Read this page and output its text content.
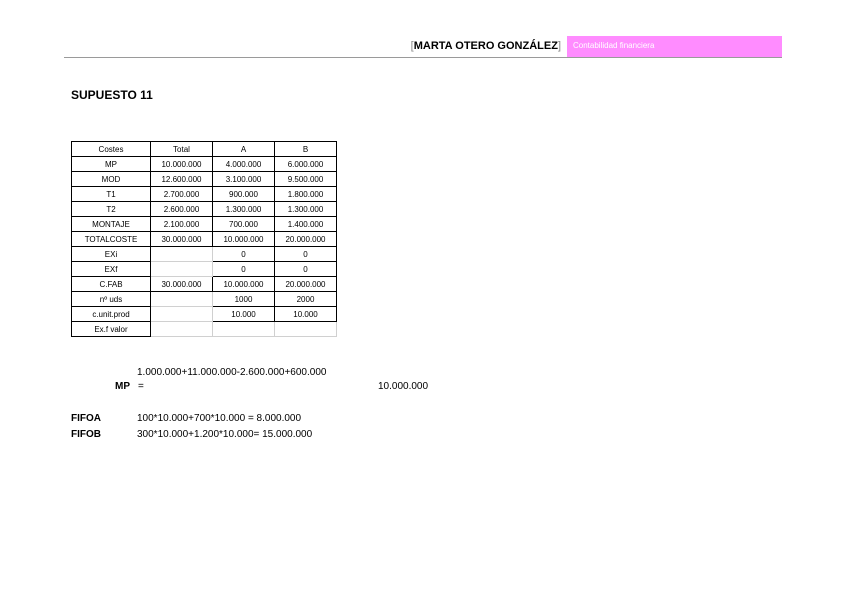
[MARTA OTERO GONZÁLEZ] Contabilidad financiera
SUPUESTO 11
Costes	Total	A	B
MP	10.000.000	4.000.000	6.000.000
MOD	12.600.000	3.100.000	9.500.000
T1	2.700.000	900.000	1.800.000
T2	2.600.000	1.300.000	1.300.000
MONTAJE	2.100.000	700.000	1.400.000
TOTALCOSTE	30.000.000	10.000.000	20.000.000
EXi		0	0
EXf		0	0
C.FAB	30.000.000	10.000.000	20.000.000
nº uds		1000	2000
c.unit.prod		10.000	10.000
Ex.f valor			
1.000.000+11.000.000-2.600.000+600.000
MP =	10.000.000
FIFOA	100*10.000+700*10.000 = 8.000.000
FIFOB	300*10.000+1.200*10.000= 15.000.000
